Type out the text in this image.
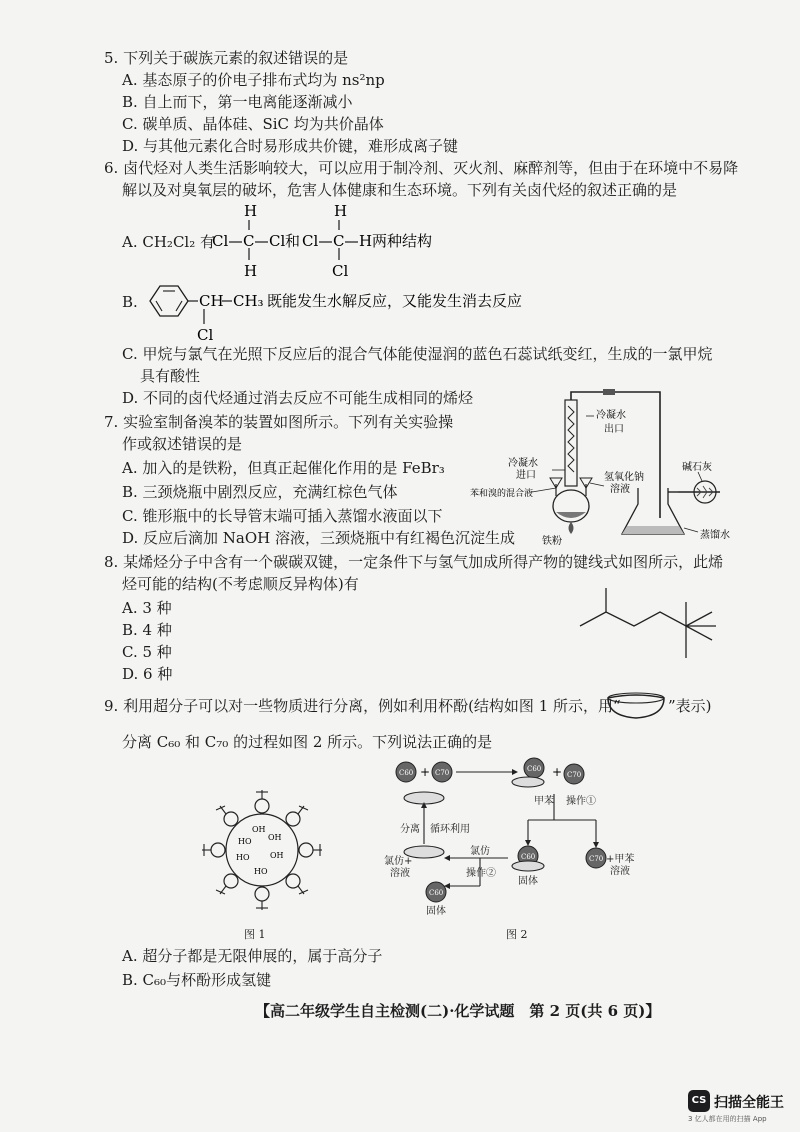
5. 下列关于碳族元素的叙述错误的是
A. 基态原子的价电子排布式均为 ns²np
B. 自上而下，第一电离能逐渐减小
C. 碳单质、晶体硅、SiC 均为共价晶体
D. 与其他元素化合时易形成共价键，难形成离子键
6. 卤代烃对人类生活影响较大，可以应用于制冷剂、灭火剂、麻醉剂等，但由于在环境中不易降
解以及对臭氧层的破坏，危害人体健康和生态环境。下列有关卤代烃的叙述正确的是
A. CH₂Cl₂ 有
Cl C Cl
H
H
和 Cl C H
H
Cl
两种结构
B.	CH CH₃
Cl
既能发生水解反应，又能发生消去反应
C. 甲烷与氯气在光照下反应后的混合气体能使湿润的蓝色石蕊试纸变红，生成的一氯甲烷
具有酸性
D. 不同的卤代烃通过消去反应不可能生成相同的烯烃
7. 实验室制备溴苯的装置如图所示。下列有关实验操
作或叙述错误的是
A. 加入的是铁粉，但真正起催化作用的是 FeBr₃
B. 三颈烧瓶中剧烈反应，充满红棕色气体
C. 锥形瓶中的长导管末端可插入蒸馏水液面以下
D. 反应后滴加 NaOH 溶液，三颈烧瓶中有红褐色沉淀生成
冷凝水
出口
冷凝水
进口
苯和溴的混合液
氢氧化钠
溶液
碱石灰
铁粉
蒸馏水
8. 某烯烃分子中含有一个碳碳双键，一定条件下与氢气加成所得产物的键线式如图所示，此烯
烃可能的结构(不考虑顺反异构体)有
A. 3 种
B. 4 种
C. 5 种
D. 6 种
9. 利用超分子可以对一些物质进行分离，例如利用杯酚(结构如图 1 所示，用“	”表示)
分离 C₆₀ 和 C₇₀ 的过程如图 2 所示。下列说法正确的是
OH
OH
HO
OH
HO
HO
图 1
C60	C70	C60
C70
C60	C70
C60
+	+
甲苯 操作①
分离 循环利用
氯仿+
溶液
氯仿
操作②
固体
+甲苯
溶液
固体
图 2
A. 超分子都是无限伸展的，属于高分子
B. C₆₀与杯酚形成氢键
【高二年级学生自主检测(二)·化学试题　第 2 页(共 6 页)】
CS 扫描全能王
3 亿人都在用的扫描 App
